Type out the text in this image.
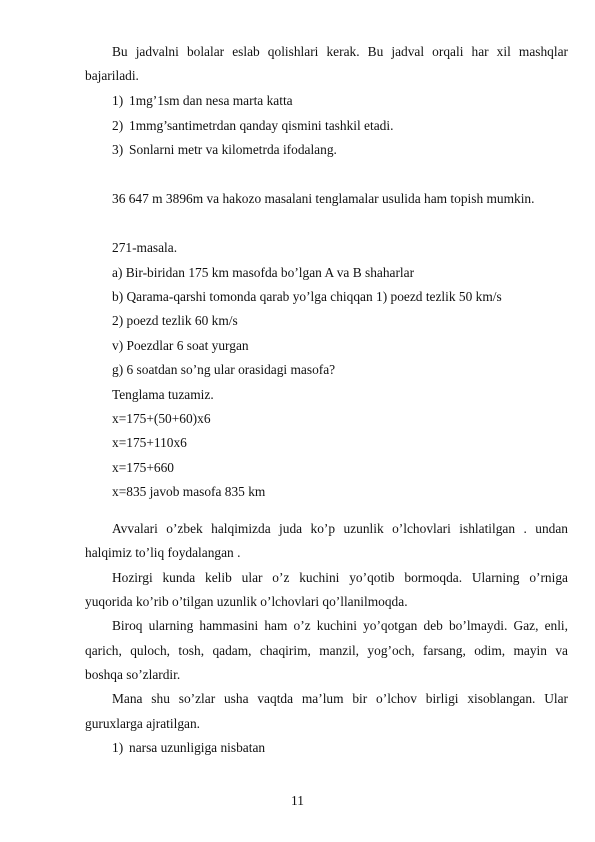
Bu jadvalni bolalar eslab qolishlari kerak. Bu jadval orqali har xil mashqlar
bajariladi.
1) 1mg’1sm dan nesa marta katta
2) 1mmg’santimetrdan qanday qismini tashkil etadi.
3) Sonlarni metr va kilometrda ifodalang.
36 647 m 3896m va hakozo masalani tenglamalar usulida ham topish mumkin.
271-masala.
a) Bir-biridan 175 km masofda bo’lgan A va B shaharlar
b) Qarama-qarshi tomonda qarab yo’lga chiqqan 1) poezd tezlik 50 km/s
2) poezd tezlik 60 km/s
v) Poezdlar 6 soat yurgan
g) 6 soatdan so’ng ular orasidagi masofa?
Tenglama tuzamiz.
x=175+(50+60)x6
x=175+110x6
x=175+660
x=835 javob masofa 835 km
Avvalari o’zbek halqimizda juda ko’p uzunlik o’lchovlari ishlatilgan . undan
halqimiz to’liq foydalangan .
Hozirgi kunda kelib ular o’z kuchini yo’qotib bormoqda. Ularning o’rniga
yuqorida ko’rib o’tilgan uzunlik o’lchovlari qo’llanilmoqda.
Biroq ularning hammasini ham o’z kuchini yo’qotgan deb bo’lmaydi. Gaz, enli,
qarich, quloch, tosh, qadam, chaqirim, manzil, yog’och, farsang, odim, mayin va
boshqa so’zlardir.
Mana shu so’zlar usha vaqtda ma’lum bir o’lchov birligi xisoblangan. Ular
guruxlarga ajratilgan.
1) narsa uzunligiga nisbatan
11
